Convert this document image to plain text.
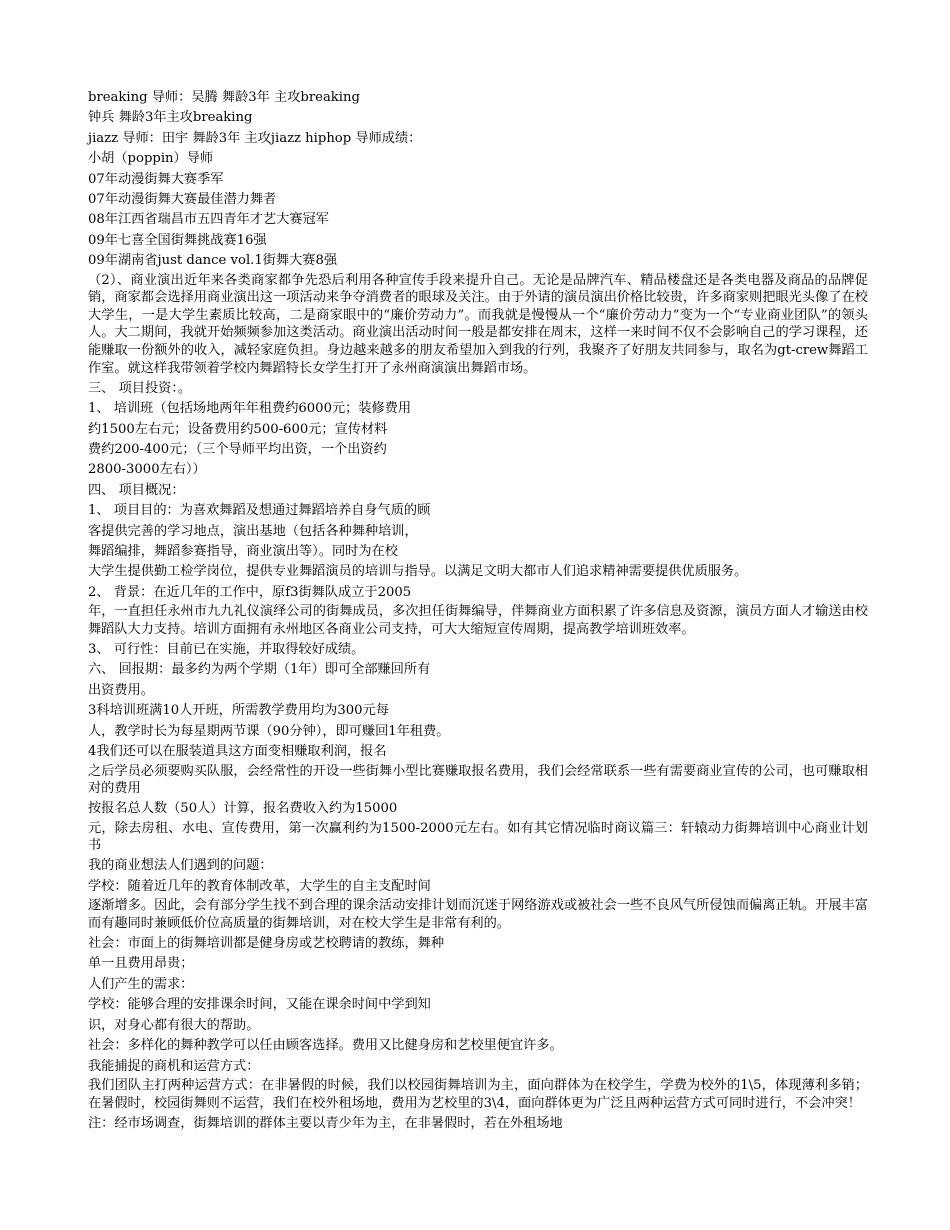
breaking 导师：吴腾 舞龄3年 主攻breaking
钟兵 舞龄3年主攻breaking
jiazz 导师：田宇 舞龄3年 主攻jiazz hiphop 导师成绩：
小胡（poppin）导师
07年动漫街舞大赛季军
07年动漫街舞大赛最佳潜力舞者
08年江西省瑞昌市五四青年才艺大赛冠军
09年七喜全国街舞挑战赛16强
09年湖南省just dance vol.1街舞大赛8强
（2）、商业演出近年来各类商家都争先恐后利用各种宣传手段来提升自己。无论是品牌汽车、精品楼盘还是各类电器及商品的品牌促销，商家都会选择用商业演出这一项活动来争夺消费者的眼球及关注。由于外请的演员演出价格比较贵，许多商家则把眼光头像了在校大学生，一是大学生素质比较高，二是商家眼中的“廉价劳动力”。而我就是慢慢从一个“廉价劳动力”变为一个“专业商业团队”的领头人。大二期间，我就开始频频参加这类活动。商业演出活动时间一般是都安排在周末，这样一来时间不仅不会影响自己的学习课程，还能赚取一份额外的收入，减轻家庭负担。身边越来越多的朋友希望加入到我的行列，我聚齐了好朋友共同参与，取名为gt-crew舞蹈工作室。就这样我带领着学校内舞蹈特长女学生打开了永州商演演出舞蹈市场。
三、 项目投资：。
1、 培训班（包括场地两年年租费约6000元；装修费用
约1500左右元；设备费用约500-600元；宣传材料
费约200-400元；（三个导师平均出资，一个出资约
2800-3000左右））
四、 项目概况：
1、 项目目的：为喜欢舞蹈及想通过舞蹈培养自身气质的顾
客提供完善的学习地点，演出基地（包括各种舞种培训，
舞蹈编排，舞蹈参赛指导，商业演出等）。同时为在校
大学生提供勤工检学岗位，提供专业舞蹈演员的培训与指导。以满足文明大都市人们追求精神需要提供优质服务。
2、 背景：在近几年的工作中，原f3街舞队成立于2005
年，一直担任永州市九九礼仪演绎公司的街舞成员，多次担任街舞编导，伴舞商业方面积累了许多信息及资源，演员方面人才输送由校舞蹈队大力支持。培训方面拥有永州地区各商业公司支持，可大大缩短宣传周期，提高教学培训班效率。
3、 可行性：目前已在实施，并取得较好成绩。
六、 回报期：最多约为两个学期（1年）即可全部赚回所有
出资费用。
3科培训班满10人开班，所需教学费用均为300元每
人，教学时长为每星期两节课（90分钟），即可赚回1年租费。
4我们还可以在服装道具这方面变相赚取利润，报名
之后学员必须要购买队服，会经常性的开设一些街舞小型比赛赚取报名费用，我们会经常联系一些有需要商业宣传的公司，也可赚取相对的费用
按报名总人数（50人）计算，报名费收入约为15000
元，除去房租、水电、宣传费用，第一次赢利约为1500-2000元左右。如有其它情况临时商议篇三：轩辕动力街舞培训中心商业计划书
我的商业想法人们遇到的问题：
学校：随着近几年的教育体制改革，大学生的自主支配时间
逐渐增多。因此，会有部分学生找不到合理的课余活动安排计划而沉迷于网络游戏或被社会一些不良风气所侵蚀而偏离正轨。开展丰富而有趣同时兼顾低价位高质量的街舞培训，对在校大学生是非常有利的。
社会：市面上的街舞培训都是健身房或艺校聘请的教练，舞种
单一且费用昂贵；
人们产生的需求：
学校：能够合理的安排课余时间，又能在课余时间中学到知
识，对身心都有很大的帮助。
社会：多样化的舞种教学可以任由顾客选择。费用又比健身房和艺校里便宜许多。
我能捕捉的商机和运营方式：
我们团队主打两种运营方式：在非暑假的时候，我们以校园街舞培训为主，面向群体为在校学生，学费为校外的1\5，体现薄利多销；在暑假时，校园街舞则不运营，我们在校外租场地，费用为艺校里的3\4，面向群体更为广泛且两种运营方式可同时进行，不会冲突！
注：经市场调查，街舞培训的群体主要以青少年为主，在非暑假时，若在外租场地
